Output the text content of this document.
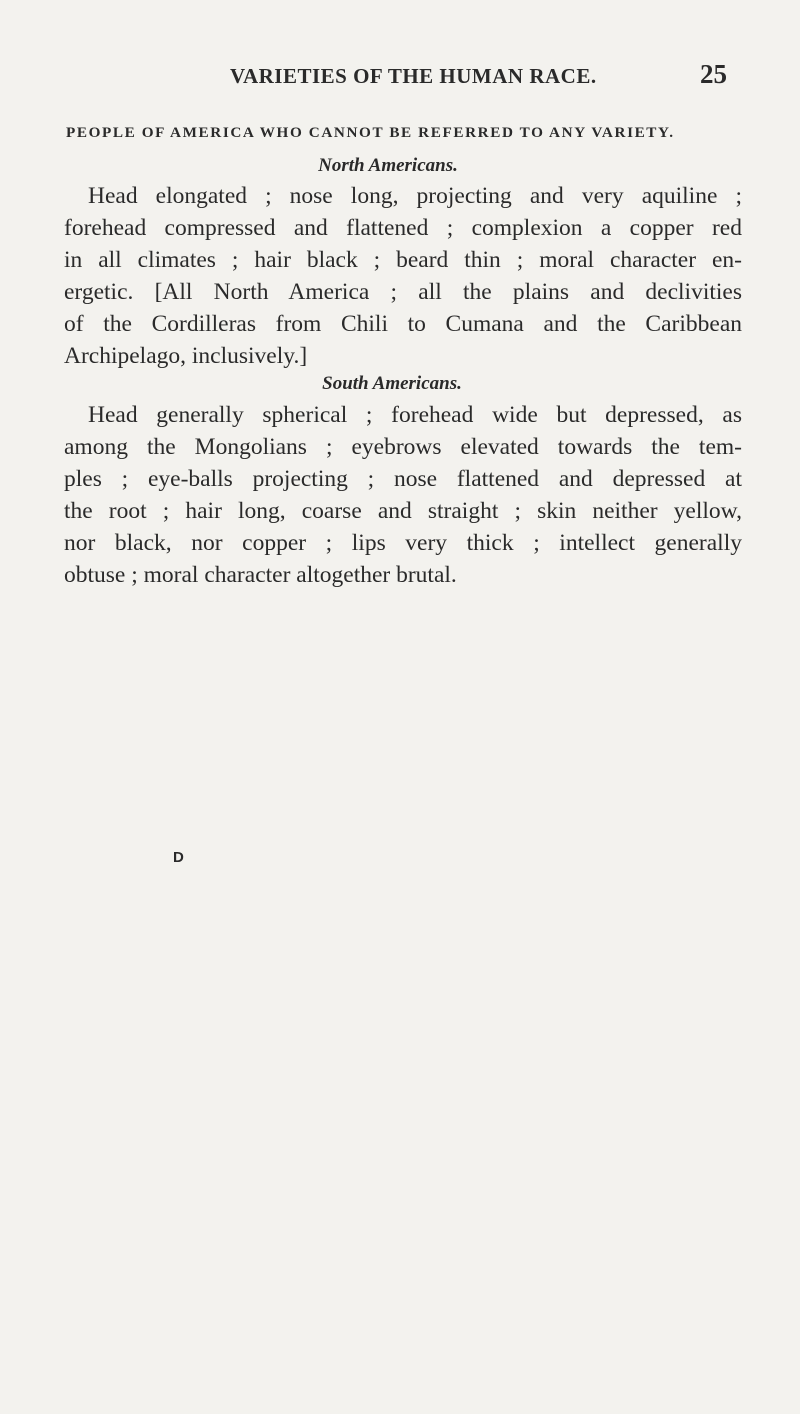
VARIETIES OF THE HUMAN RACE.	25
PEOPLE OF AMERICA WHO CANNOT BE REFERRED TO ANY VARIETY.
North Americans.

Head elongated ; nose long, projecting and very aquiline ;
forehead compressed and flattened ; complexion a copper red
in all climates ; hair black ; beard thin ; moral character en-
ergetic. [All North America ; all the plains and declivities
of the Cordilleras from Chili to Cumana and the Caribbean
Archipelago, inclusively.]

South Americans.

Head generally spherical ; forehead wide but depressed, as
among the Mongolians ; eyebrows elevated towards the tem-
ples ; eye-balls projecting ; nose flattened and depressed at
the root ; hair long, coarse and straight ; skin neither yellow,
nor black, nor copper ; lips very thick ; intellect generally
obtuse ; moral character altogether brutal.

D
